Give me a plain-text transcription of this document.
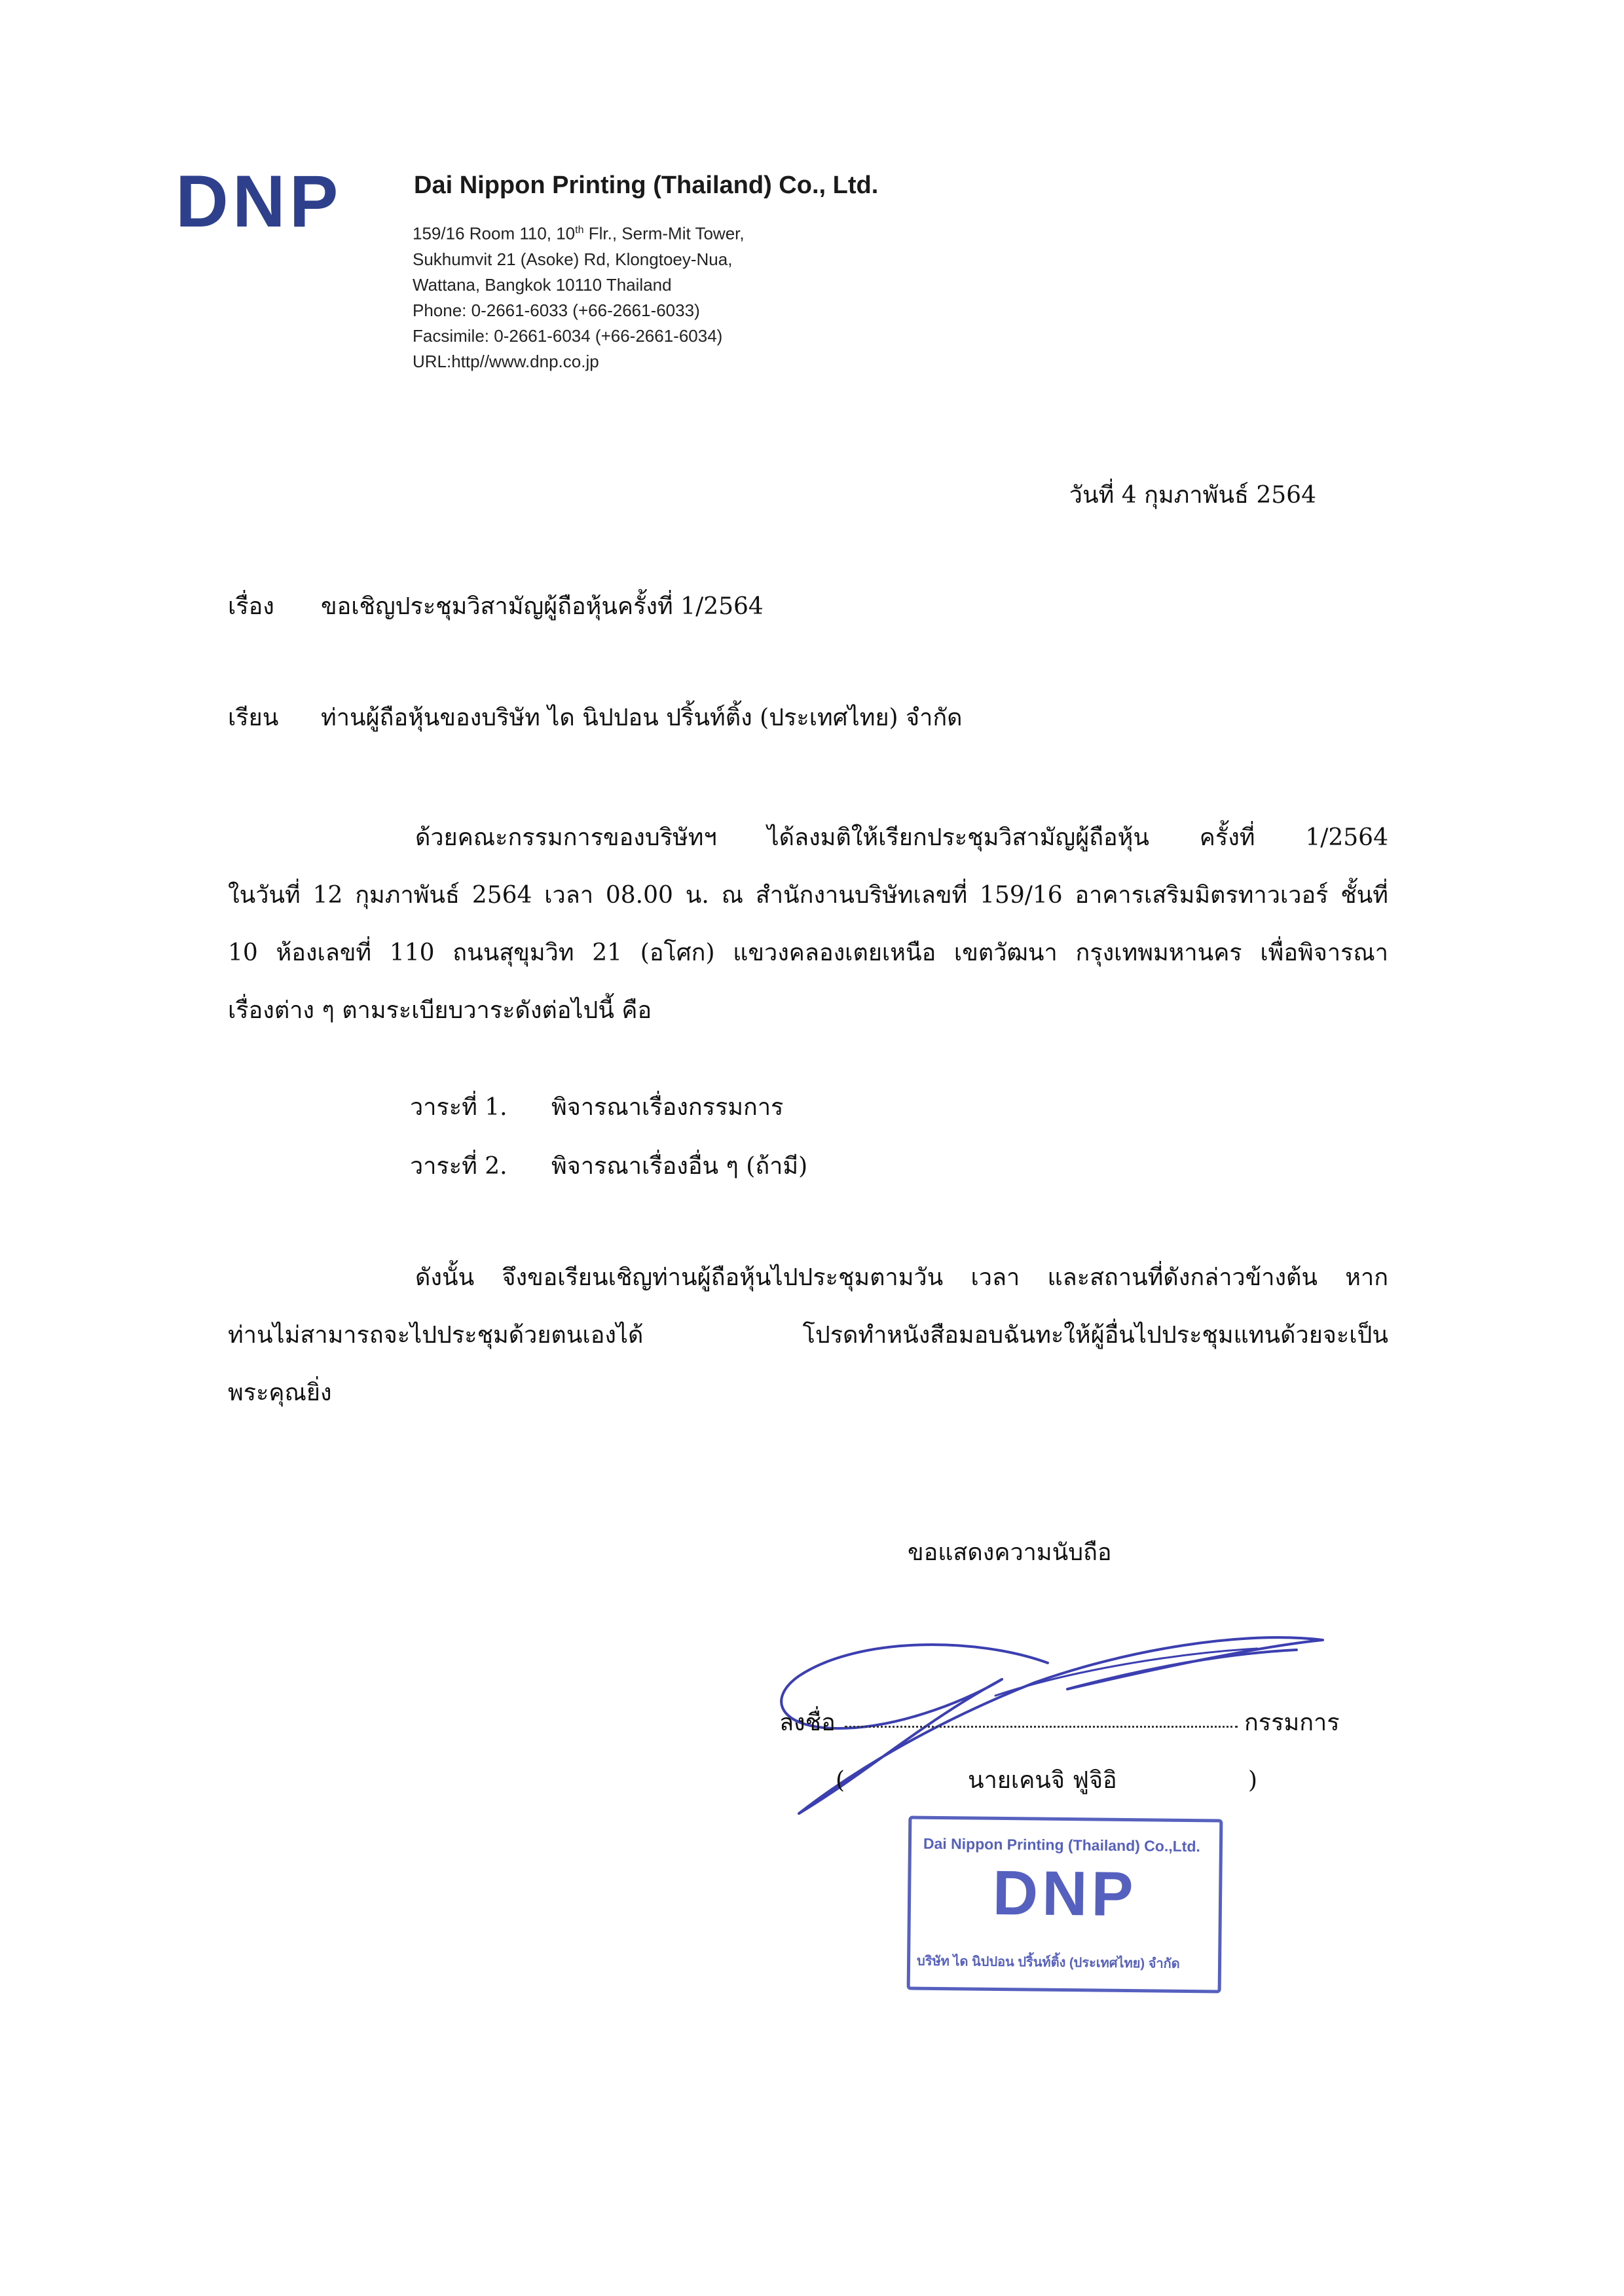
DNP	Dai Nippon Printing (Thailand) Co., Ltd.
159/16 Room 110, 10th Flr., Serm-Mit Tower,
Sukhumvit 21 (Asoke) Rd, Klongtoey-Nua,
Wattana, Bangkok 10110 Thailand
Phone: 0-2661-6033 (+66-2661-6033)
Facsimile: 0-2661-6034 (+66-2661-6034)
URL:http//www.dnp.co.jp
วันที่ 4 กุมภาพันธ์ 2564
เรื่อง ขอเชิญประชุมวิสามัญผู้ถือหุ้นครั้งที่ 1/2564
เรียน ท่านผู้ถือหุ้นของบริษัท ได นิปปอน ปริ้นท์ติ้ง (ประเทศไทย) จำกัด
ด้วยคณะกรรมการของบริษัทฯ ได้ลงมติให้เรียกประชุมวิสามัญผู้ถือหุ้น ครั้งที่ 1/2564
ในวันที่ 12 กุมภาพันธ์ 2564 เวลา 08.00 น. ณ สำนักงานบริษัทเลขที่ 159/16 อาคารเสริมมิตรทาวเวอร์ ชั้นที่
10 ห้องเลขที่ 110 ถนนสุขุมวิท 21 (อโศก) แขวงคลองเตยเหนือ เขตวัฒนา กรุงเทพมหานคร เพื่อพิจารณา
เรื่องต่าง ๆ ตามระเบียบวาระดังต่อไปนี้ คือ
วาระที่ 1. พิจารณาเรื่องกรรมการ
วาระที่ 2. พิจารณาเรื่องอื่น ๆ (ถ้ามี)
ดังนั้น จึงขอเรียนเชิญท่านผู้ถือหุ้นไปประชุมตามวัน เวลา และสถานที่ดังกล่าวข้างต้น หาก
ท่านไม่สามารถจะไปประชุมด้วยตนเองได้ โปรดทำหนังสือมอบฉันทะให้ผู้อื่นไปประชุมแทนด้วยจะเป็น
พระคุณยิ่ง
ขอแสดงความนับถือ
ลงชื่อ	กรรมการ
(	นายเคนจิ ฟูจิอิ	)
Dai Nippon Printing (Thailand) Co.,Ltd.
DNP
บริษัท ได นิปปอน ปริ้นท์ติ้ง (ประเทศไทย) จำกัด
